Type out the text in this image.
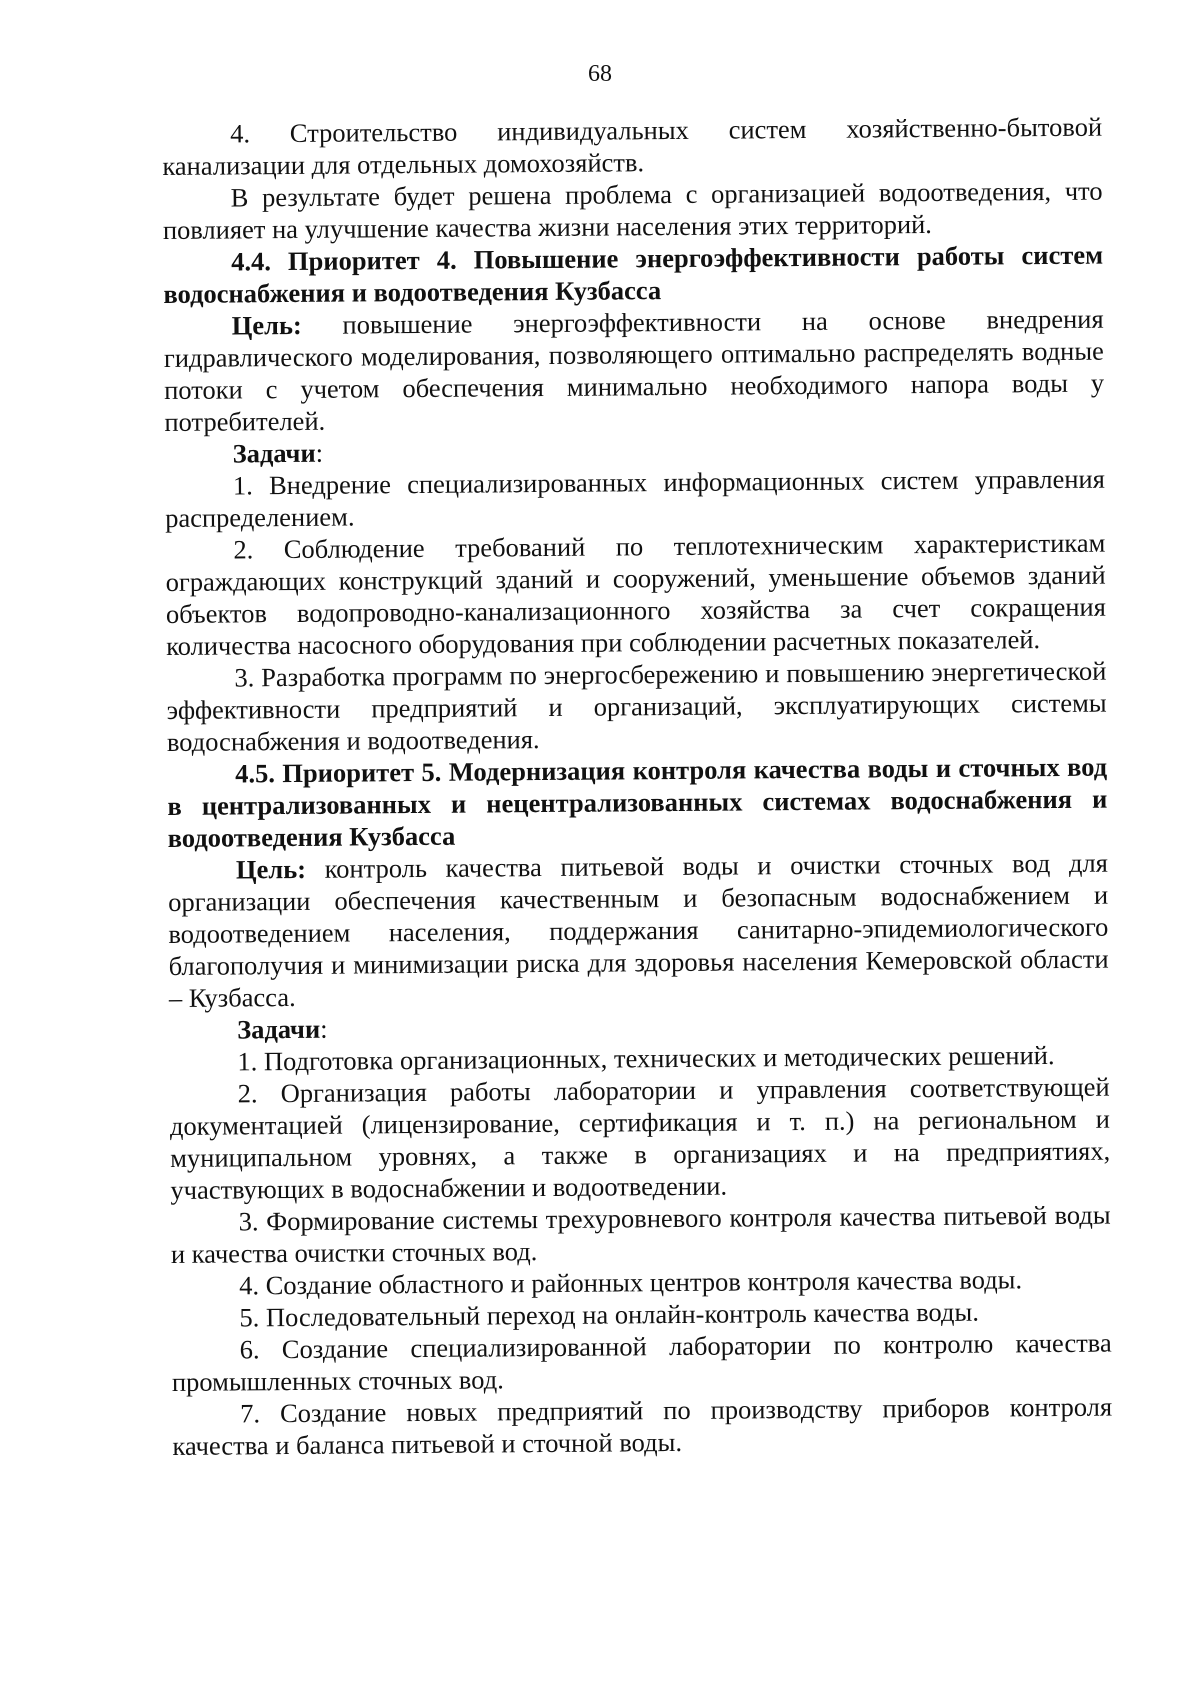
68

4. Строительство индивидуальных систем хозяйственно-бытовой канализации для отдельных домохозяйств.

В результате будет решена проблема с организацией водоотведения, что повлияет на улучшение качества жизни населения этих территорий.

4.4. Приоритет 4. Повышение энергоэффективности работы систем водоснабжения и водоотведения Кузбасса

Цель: повышение энергоэффективности на основе внедрения гидравлического моделирования, позволяющего оптимально распределять водные потоки с учетом обеспечения минимально необходимого напора воды у потребителей.

Задачи:

1. Внедрение специализированных информационных систем управления распределением.

2. Соблюдение требований по теплотехническим характеристикам ограждающих конструкций зданий и сооружений, уменьшение объемов зданий объектов водопроводно-канализационного хозяйства за счет сокращения количества насосного оборудования при соблюдении расчетных показателей.

3. Разработка программ по энергосбережению и повышению энергетической эффективности предприятий и организаций, эксплуатирующих системы водоснабжения и водоотведения.

4.5. Приоритет 5. Модернизация контроля качества воды и сточных вод в централизованных и нецентрализованных системах водоснабжения и водоотведения Кузбасса

Цель: контроль качества питьевой воды и очистки сточных вод для организации обеспечения качественным и безопасным водоснабжением и водоотведением населения, поддержания санитарно-эпидемиологического благополучия и минимизации риска для здоровья населения Кемеровской области – Кузбасса.

Задачи:

1. Подготовка организационных, технических и методических решений.

2. Организация работы лаборатории и управления соответствующей документацией (лицензирование, сертификация и т. п.) на региональном и муниципальном уровнях, а также в организациях и на предприятиях, участвующих в водоснабжении и водоотведении.

3. Формирование системы трехуровневого контроля качества питьевой воды и качества очистки сточных вод.

4. Создание областного и районных центров контроля качества воды.

5. Последовательный переход на онлайн-контроль качества воды.

6. Создание специализированной лаборатории по контролю качества промышленных сточных вод.

7. Создание новых предприятий по производству приборов контроля качества и баланса питьевой и сточной воды.
